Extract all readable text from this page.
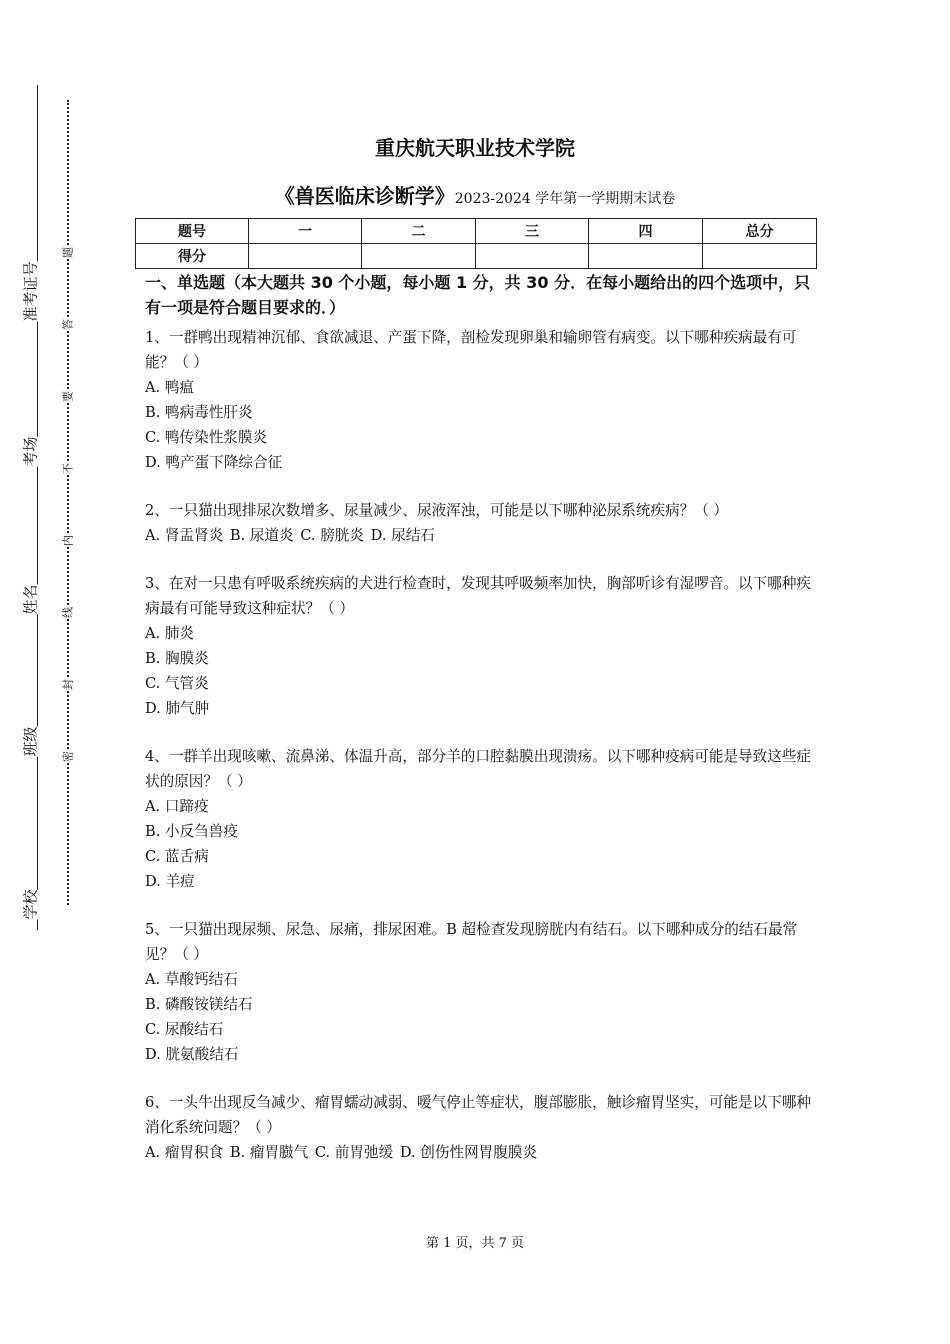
准考证号
考场
姓名
班级
学校
题
答
要
不
内
线
封
密
重庆航天职业技术学院
《兽医临床诊断学》2023-2024 学年第一学期期末试卷
题号	一	二	三	四	总分
得分					

一、单选题（本大题共 30 个小题，每小题 1 分，共 30 分．在每小题给出的四个选项中，只有一项是符合题目要求的．）

1、一群鸭出现精神沉郁、食欲减退、产蛋下降，剖检发现卵巢和输卵管有病变。以下哪种疾病最有可能？（ ）

A. 鸭瘟

B. 鸭病毒性肝炎

C. 鸭传染性浆膜炎

D. 鸭产蛋下降综合征

2、一只猫出现排尿次数增多、尿量减少、尿液浑浊，可能是以下哪种泌尿系统疾病？（ ）

A. 肾盂肾炎 B. 尿道炎 C. 膀胱炎 D. 尿结石

3、在对一只患有呼吸系统疾病的犬进行检查时，发现其呼吸频率加快，胸部听诊有湿啰音。以下哪种疾病最有可能导致这种症状？（ ）

A. 肺炎

B. 胸膜炎

C. 气管炎

D. 肺气肿

4、一群羊出现咳嗽、流鼻涕、体温升高，部分羊的口腔黏膜出现溃疡。以下哪种疫病可能是导致这些症状的原因？（ ）

A. 口蹄疫

B. 小反刍兽疫

C. 蓝舌病

D. 羊痘

5、一只猫出现尿频、尿急、尿痛，排尿困难。B 超检查发现膀胱内有结石。以下哪种成分的结石最常见？（ ）

A. 草酸钙结石

B. 磷酸铵镁结石

C. 尿酸结石

D. 胱氨酸结石

6、一头牛出现反刍减少、瘤胃蠕动减弱、嗳气停止等症状，腹部膨胀，触诊瘤胃坚实，可能是以下哪种消化系统问题？（ ）

A. 瘤胃积食 B. 瘤胃臌气 C. 前胃弛缓 D. 创伤性网胃腹膜炎

第 1 页，共 7 页
